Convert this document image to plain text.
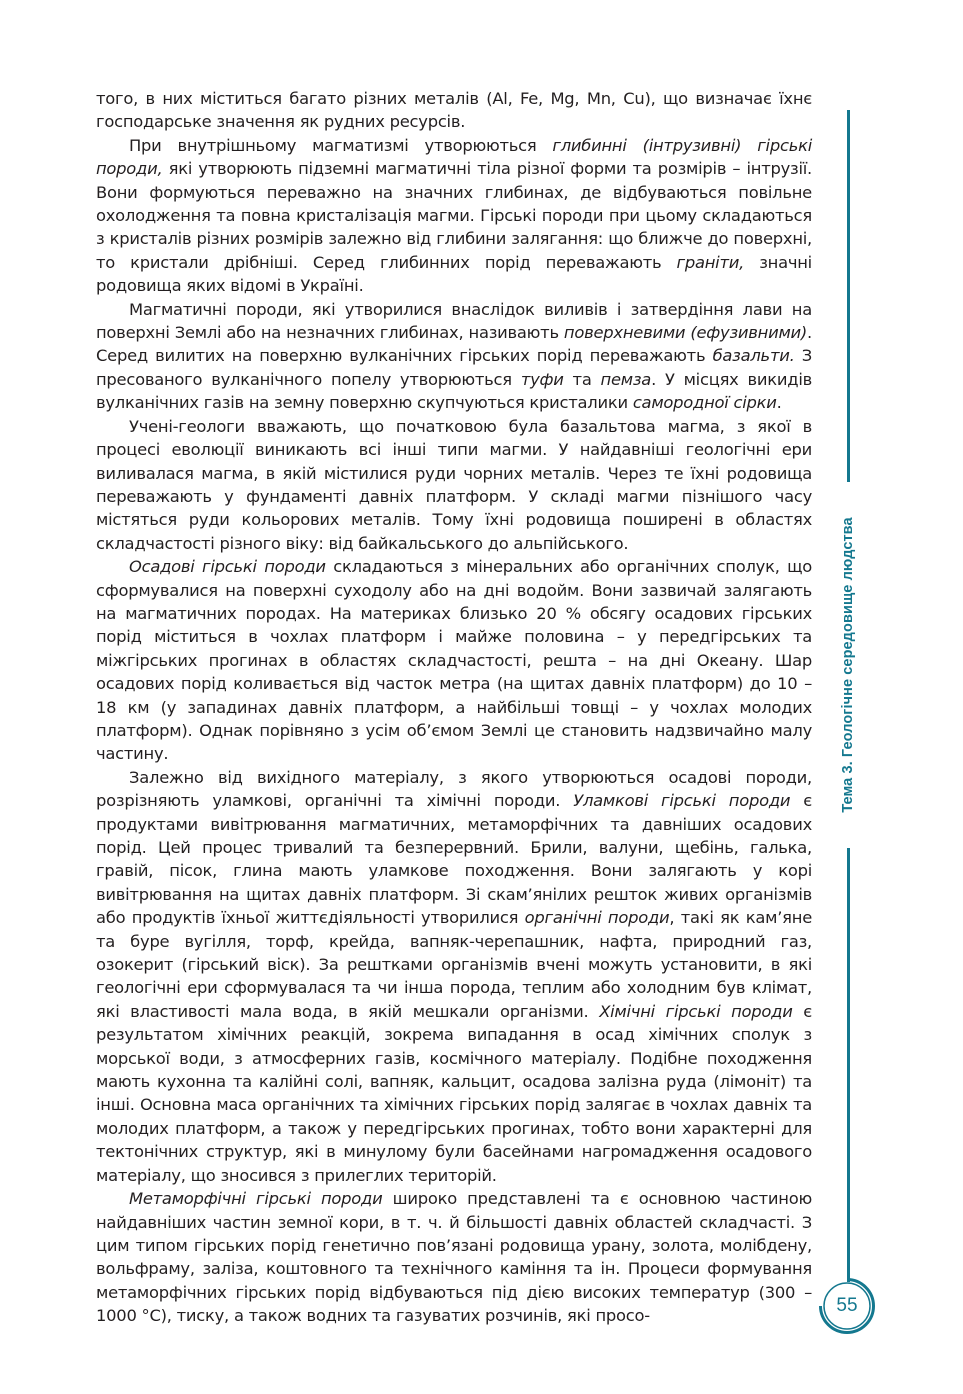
того, в них міститься багато різних металів (Al, Fe, Mg, Mn, Cu), що визначає їхнє господарське значення як рудних ресурсів.

При внутрішньому магматизмі утворюються глибинні (інтрузивні) гірські породи, які утворюють підземні магматичні тіла різної форми та розмірів – інтрузії. Вони формуються переважно на значних глибинах, де відбуваються повільне охолодження та повна кристалізація магми. Гірські породи при цьому складаються з кристалів різних розмірів залежно від глибини залягання: що ближче до поверхні, то кристали дрібніші. Серед глибинних порід переважають граніти, значні родовища яких відомі в Україні.

Магматичні породи, які утворилися внаслідок виливів і затвердіння лави на поверхні Землі або на незначних глибинах, називають поверхневими (ефузивними). Серед вилитих на поверхню вулканічних гірських порід переважають базальти. З пресованого вулканічного попелу утворюються туфи та пемза. У місцях викидів вулканічних газів на земну поверхню скупчуються кристалики самородної сірки.

Учені-геологи вважають, що початковою була базальтова магма, з якої в процесі еволюції виникають всі інші типи магми. У найдавніші геологічні ери виливалася магма, в якій містилися руди чорних металів. Через те їхні родовища переважають у фундаменті давніх платформ. У складі магми пізнішого часу містяться руди кольорових металів. Тому їхні родовища поширені в областях складчастості різного віку: від байкальського до альпійського.

Осадові гірські породи складаються з мінеральних або органічних сполук, що сформувалися на поверхні суходолу або на дні водойм. Вони зазвичай залягають на магматичних породах. На материках близько 20 % обсягу осадових гірських порід міститься в чохлах платформ і майже половина – у передгірських та міжгірських прогинах в областях складчастості, решта – на дні Океану. Шар осадових порід коливається від часток метра (на щитах давніх платформ) до 10 – 18 км (у западинах давніх платформ, а найбільші товщі – у чохлах молодих платформ). Однак порівняно з усім об’ємом Землі це становить надзвичайно малу частину.

Залежно від вихідного матеріалу, з якого утворюються осадові породи, розрізняють уламкові, органічні та хімічні породи. Уламкові гірські породи є продуктами вивітрювання магматичних, метаморфічних та давніших осадових порід. Цей процес тривалий та безперервний. Брили, валуни, щебінь, галька, гравій, пісок, глина мають уламкове походження. Вони залягають у корі вивітрювання на щитах давніх платформ. Зі скам’янілих решток живих організмів або продуктів їхньої життєдіяльності утворилися органічні породи, такі як кам’яне та буре вугілля, торф, крейда, вапняк-черепашник, нафта, природний газ, озокерит (гірський віск). За рештками організмів вчені можуть установити, в які геологічні ери сформувалася та чи інша порода, теплим або холодним був клімат, які властивості мала вода, в якій мешкали організми. Хімічні гірські породи є результатом хімічних реакцій, зокрема випадання в осад хімічних сполук з морської води, з атмосферних газів, космічного матеріалу. Подібне походження мають кухонна та калійні солі, вапняк, кальцит, осадова залізна руда (лімоніт) та інші. Основна маса органічних та хімічних гірських порід залягає в чохлах давніх та молодих платформ, а також у передгірських прогинах, тобто вони характерні для тектонічних структур, які в минулому були басейнами нагромадження осадового матеріалу, що зносився з прилеглих територій.

Метаморфічні гірські породи широко представлені та є основною частиною найдавніших частин земної кори, в т. ч. й більшості давніх областей складчасті. З цим типом гірських порід генетично пов’язані родовища урану, золота, молібдену, вольфраму, заліза, коштовного та технічного каміння та ін. Процеси формування метаморфічних гірських порід відбуваються під дією високих температур (300 – 1000 °С), тиску, а також водних та газуватих розчинів, які просо-

Тема 3. Геологічне середовище людства
55
